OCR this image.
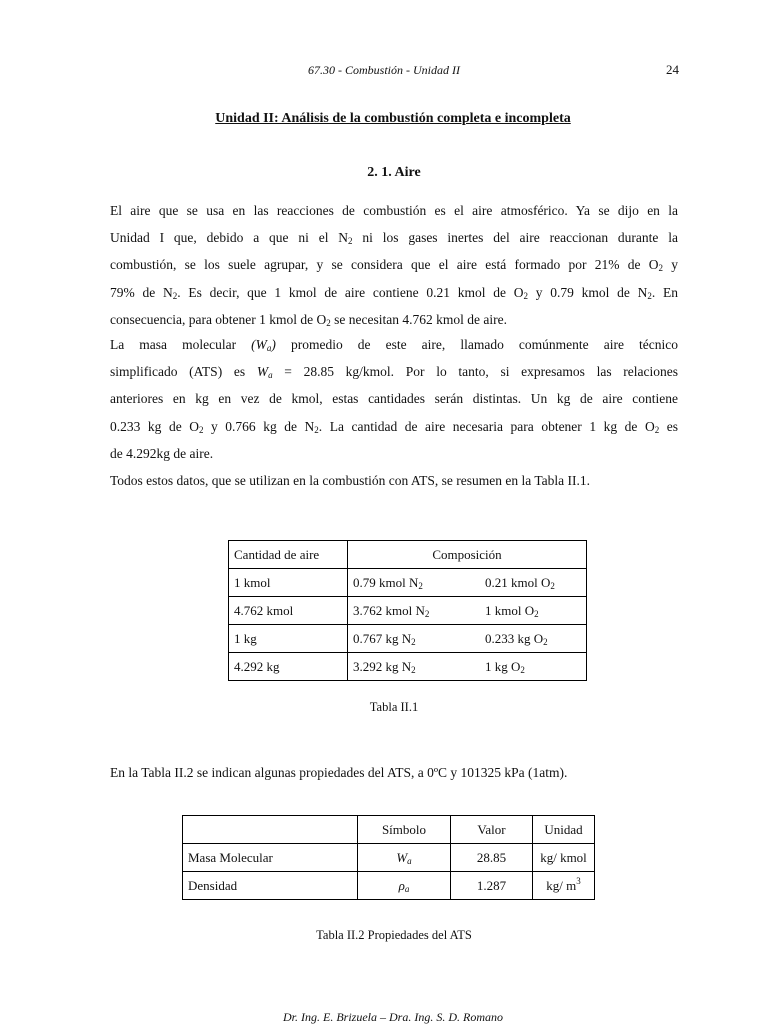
67.30 - Combustión - Unidad II	24
Unidad II: Análisis de la combustión completa e incompleta
2. 1. Aire
El aire que se usa en las reacciones de combustión es el aire atmosférico. Ya se dijo en la
Unidad I que, debido a que ni el $N_2$ ni los gases inertes del aire reaccionan durante la
combustión, se los suele agrupar, y se considera que el aire está formado por 21% de $O_2$ y
79% de $N_2$. Es decir, que 1 kmol de aire contiene 0.21 kmol de $O_2$ y 0.79 kmol de $N_2$. En
consecuencia, para obtener 1 kmol de $O_2$ se necesitan 4.762 kmol de aire.
La masa molecular $(W_a)$ promedio de este aire, llamado comúnmente aire técnico
simplificado (ATS) es $W_a = 28.85$ kg/kmol. Por lo tanto, si expresamos las relaciones
anteriores en kg en vez de kmol, estas cantidades serán distintas. Un kg de aire contiene
0.233 kg de $O_2$ y 0.766 kg de $N_2$. La cantidad de aire necesaria para obtener 1 kg de $O_2$ es
de 4.292kg de aire.
Todos estos datos, que se utilizan en la combustión con ATS, se resumen en la Tabla II.1.
Cantidad de aire	Composición	
1 kmol	0.79 kmol $N_2$	0.21 kmol $O_2$
4.762 kmol	3.762 kmol $N_2$	1 kmol $O_2$
1 kg	0.767 kg $N_2$	0.233 kg $O_2$
4.292 kg	3.292 kg $N_2$	1 kg $O_2$
Tabla II.1
En la Tabla II.2 se indican algunas propiedades del ATS, a 0ºC y 101325 kPa (1atm).
	Símbolo	Valor	Unidad
Masa Molecular	$W_a$	28.85	kg/ kmol
Densidad	$\rho_a$	1.287	kg/ $m^3$
Tabla II.2 Propiedades del ATS
Dr. Ing. E. Brizuela – Dra. Ing. S. D. Romano
